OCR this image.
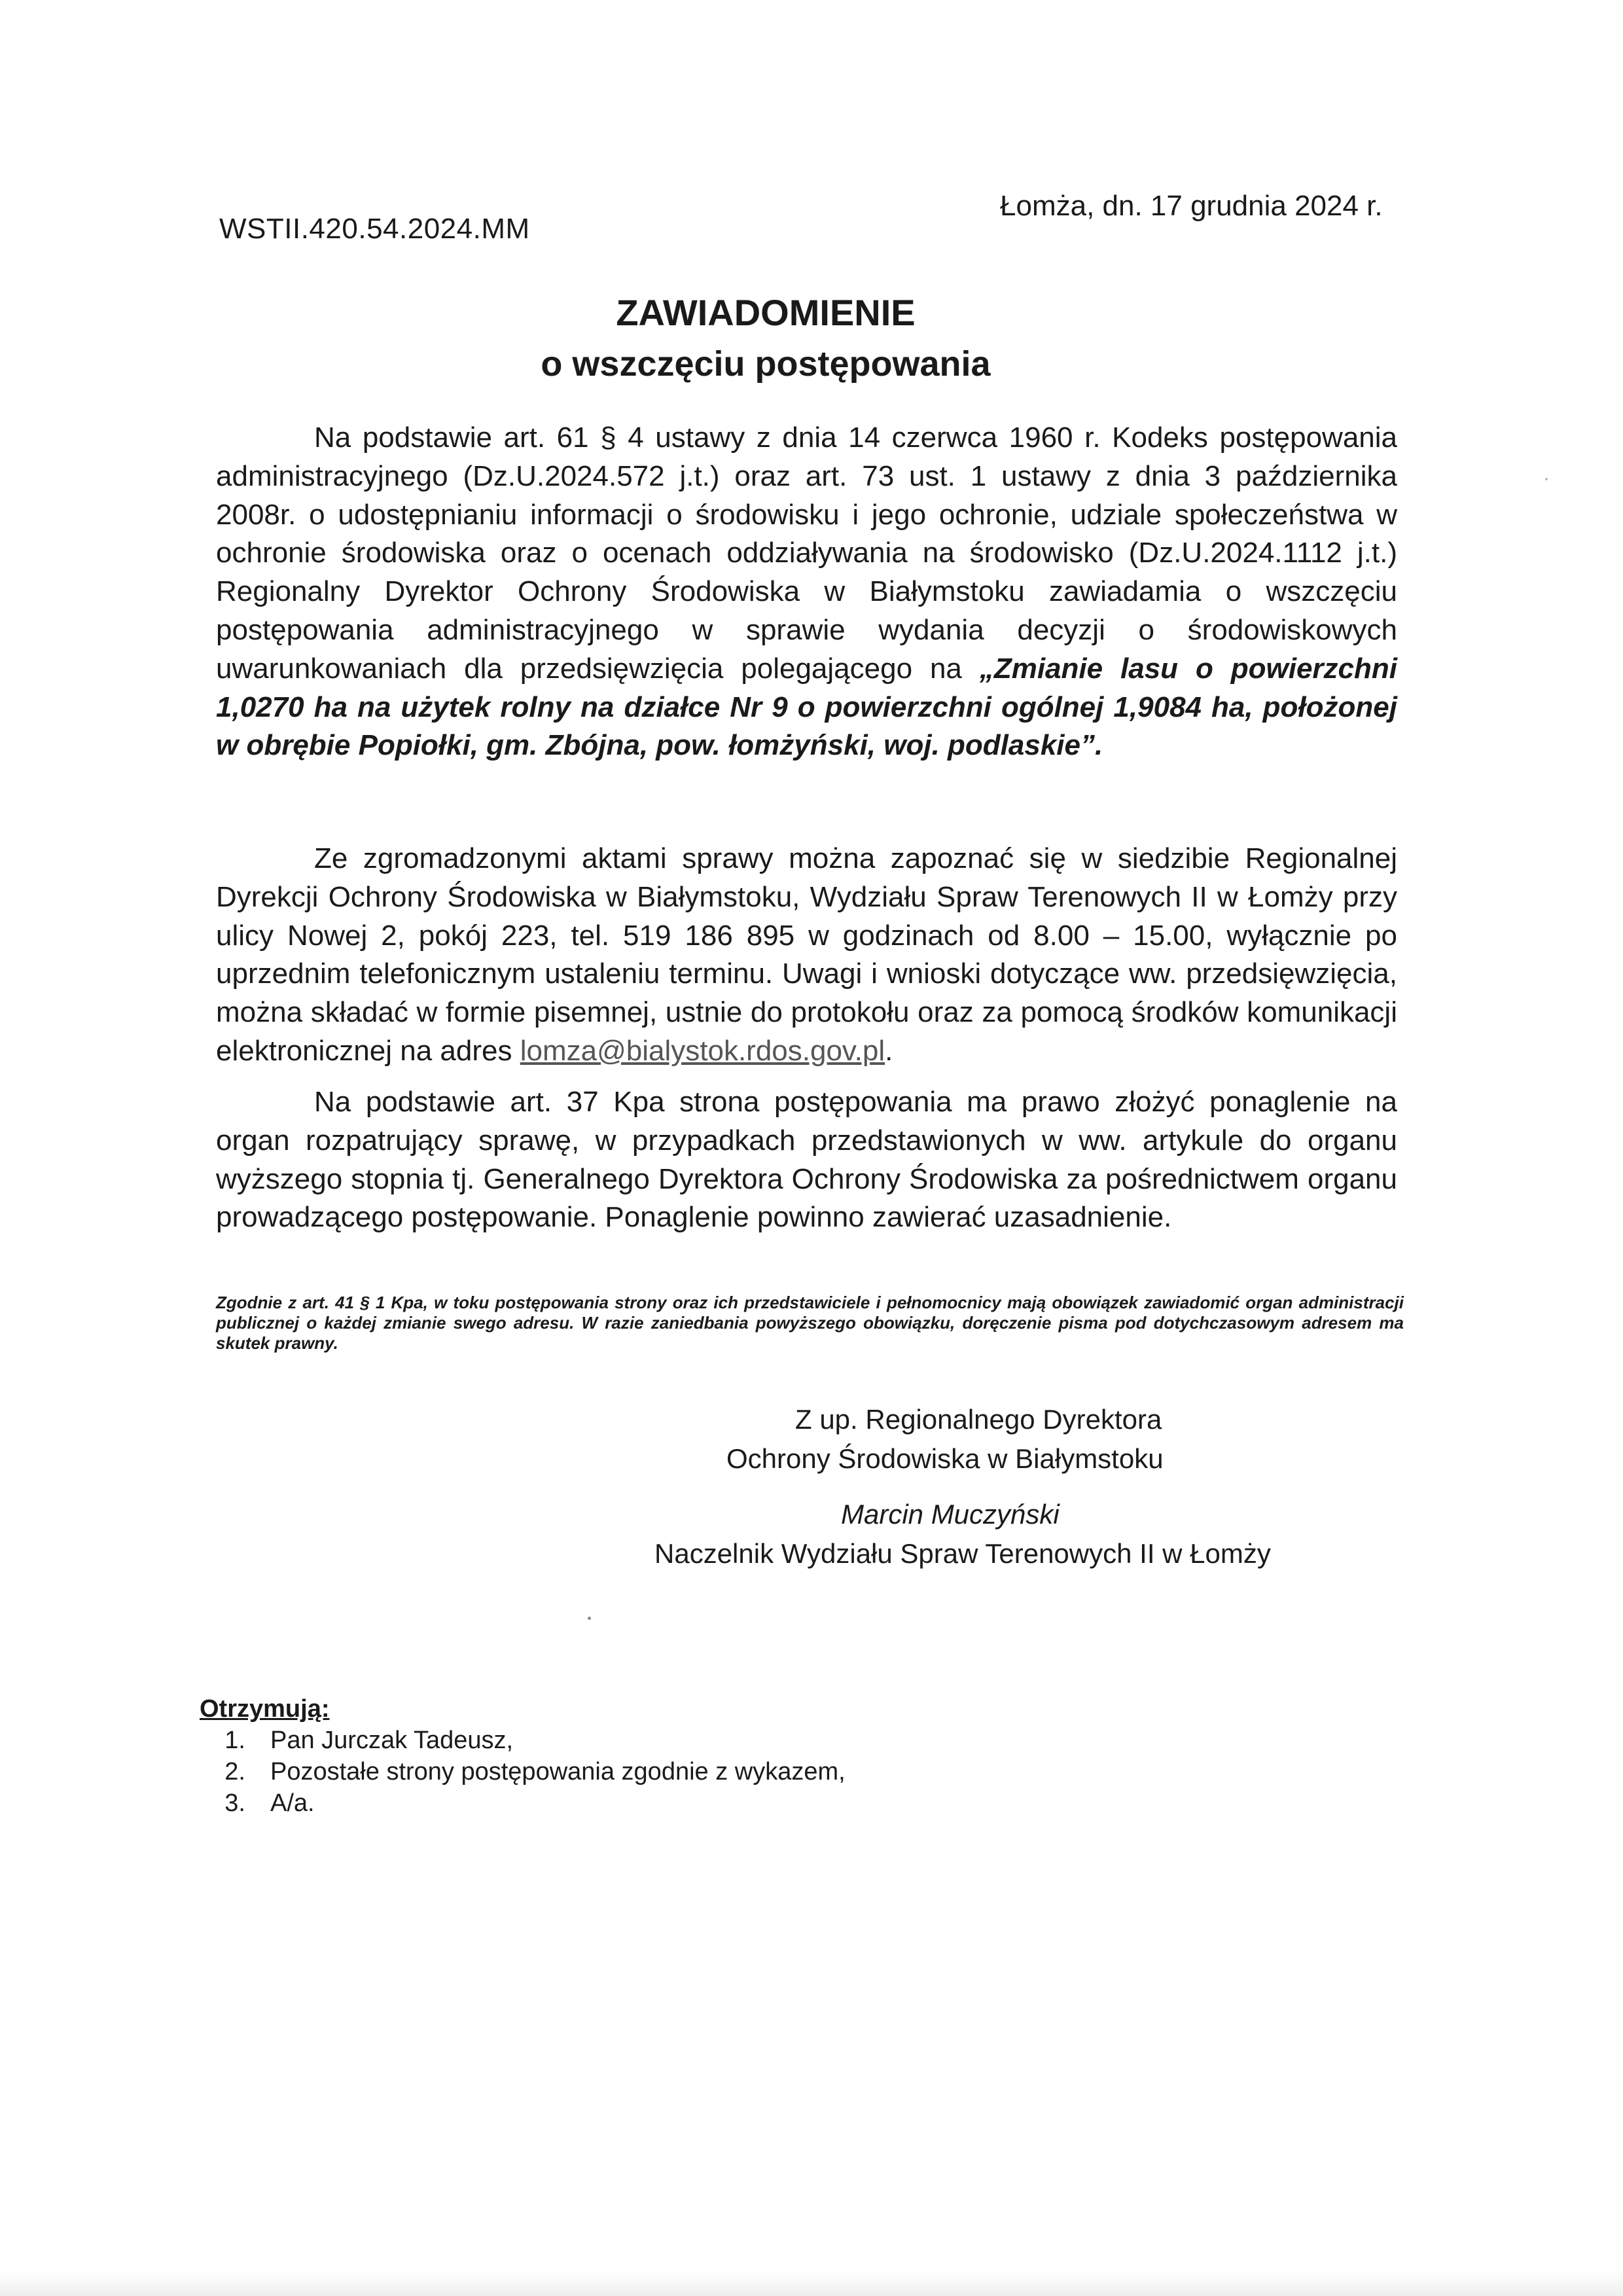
WSTII.420.54.2024.MM
Łomża, dn. 17 grudnia 2024 r.
ZAWIADOMIENIE
o wszczęciu postępowania

Na podstawie art. 61 § 4 ustawy z dnia 14 czerwca 1960 r. Kodeks postępowania administracyjnego (Dz.U.2024.572 j.t.) oraz art. 73 ust. 1 ustawy z dnia 3 października 2008r. o udostępnianiu informacji o środowisku i jego ochronie, udziale społeczeństwa w ochronie środowiska oraz o ocenach oddziaływania na środowisko (Dz.U.2024.1112 j.t.) Regionalny Dyrektor Ochrony Środowiska w Białymstoku zawiadamia o wszczęciu postępowania administracyjnego w sprawie wydania decyzji o środowiskowych uwarunkowaniach dla przedsięwzięcia polegającego na „Zmianie lasu o powierzchni 1,0270 ha na użytek rolny na działce Nr 9 o powierzchni ogólnej 1,9084 ha, położonej w obrębie Popiołki, gm. Zbójna, pow. łomżyński, woj. podlaskie”.

Ze zgromadzonymi aktami sprawy można zapoznać się w siedzibie Regionalnej Dyrekcji Ochrony Środowiska w Białymstoku, Wydziału Spraw Terenowych II w Łomży przy ulicy Nowej 2, pokój 223, tel. 519 186 895 w godzinach od 8.00 – 15.00, wyłącznie po uprzednim telefonicznym ustaleniu terminu. Uwagi i wnioski dotyczące ww. przedsięwzięcia, można składać w formie pisemnej, ustnie do protokołu oraz za pomocą środków komunikacji elektronicznej na adres lomza@bialystok.rdos.gov.pl.

Na podstawie art. 37 Kpa strona postępowania ma prawo złożyć ponaglenie na organ rozpatrujący sprawę, w przypadkach przedstawionych w ww. artykule do organu wyższego stopnia tj. Generalnego Dyrektora Ochrony Środowiska za pośrednictwem organu prowadzącego postępowanie. Ponaglenie powinno zawierać uzasadnienie.

Zgodnie z art. 41 § 1 Kpa, w toku postępowania strony oraz ich przedstawiciele i pełnomocnicy mają obowiązek zawiadomić organ administracji publicznej o każdej zmianie swego adresu. W razie zaniedbania powyższego obowiązku, doręczenie pisma pod dotychczasowym adresem ma skutek prawny.
Z up. Regionalnego Dyrektora
Ochrony Środowiska w Białymstoku
Marcin Muczyński
Naczelnik Wydziału Spraw Terenowych II w Łomży
Otrzymują:
1.	Pan Jurczak Tadeusz,
2.	Pozostałe strony postępowania zgodnie z wykazem,
3.	A/a.
